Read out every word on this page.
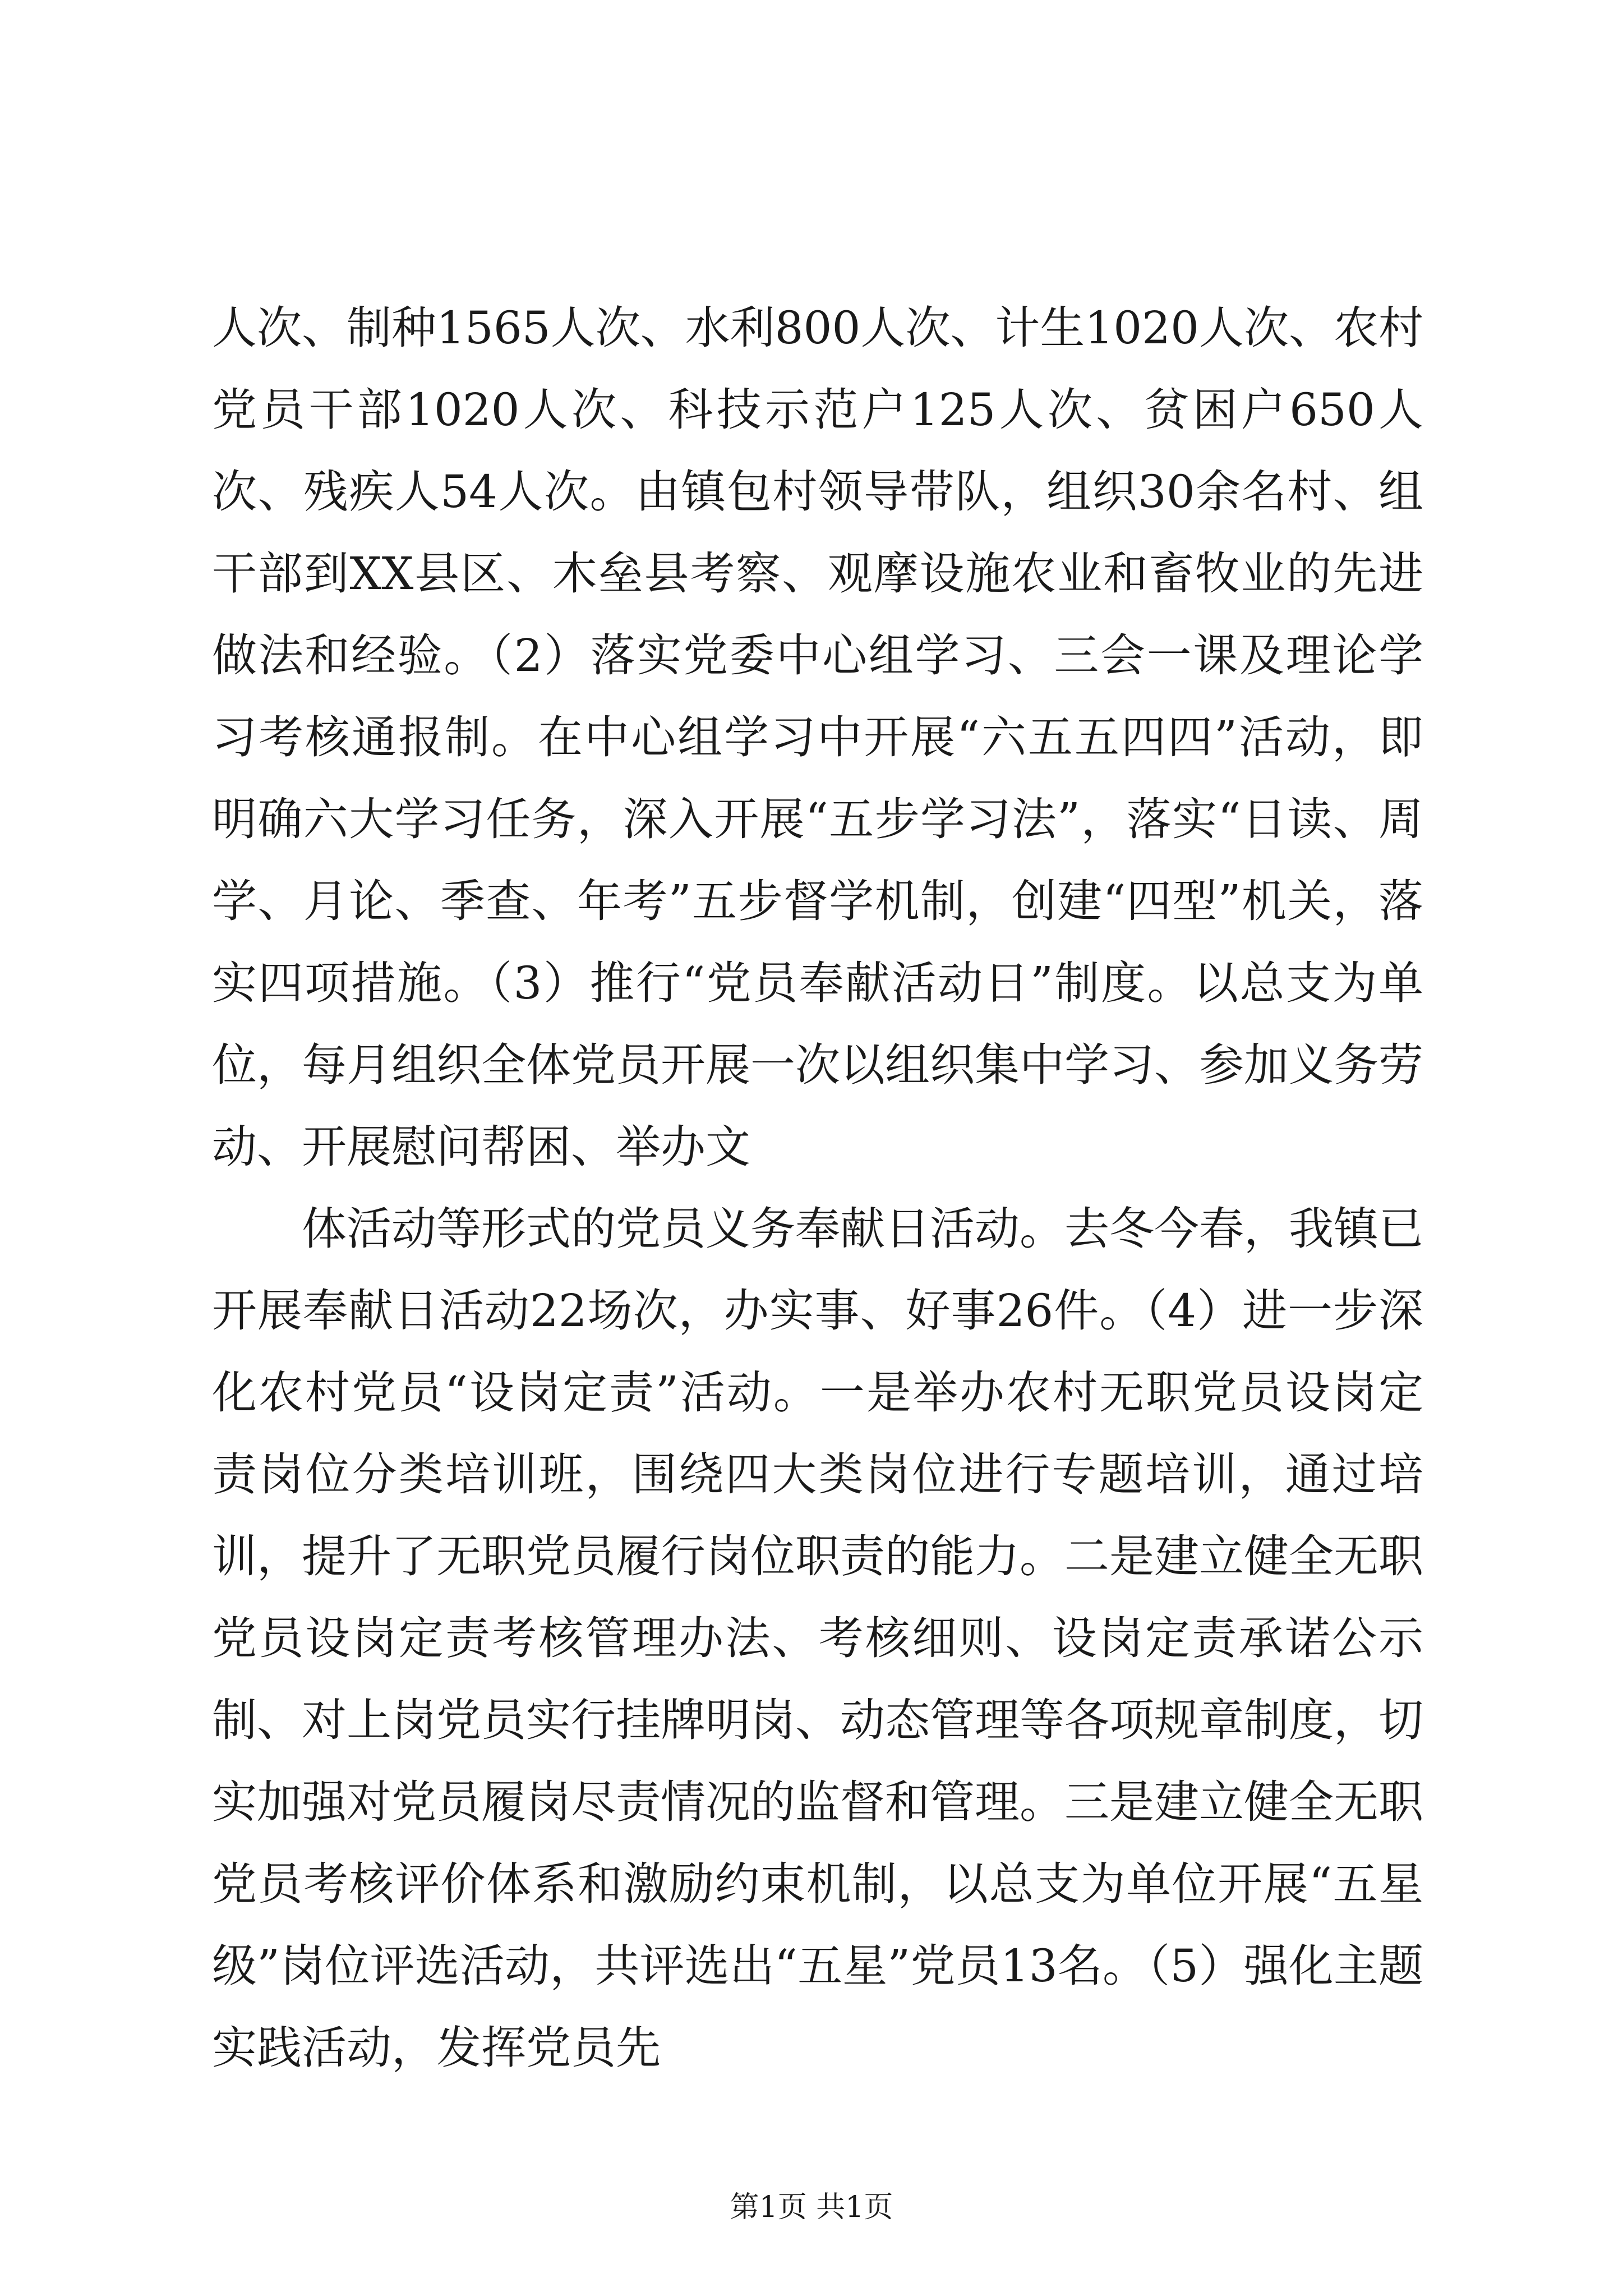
人次、制种1565人次、水利800人次、计生1020人次、农村党员干部1020人次、科技示范户125人次、贫困户650人次、残疾人54人次。由镇包村领导带队，组织30余名村、组干部到XX县区、木垒县考察、观摩设施农业和畜牧业的先进做法和经验。（2）落实党委中心组学习、三会一课及理论学习考核通报制。在中心组学习中开展“六五五四四”活动，即明确六大学习任务，深入开展“五步学习法”，落实“日读、周学、月论、季查、年考”五步督学机制，创建“四型”机关，落实四项措施。（3）推行“党员奉献活动日”制度。以总支为单位，每月组织全体党员开展一次以组织集中学习、参加义务劳动、开展慰问帮困、举办文

体活动等形式的党员义务奉献日活动。去冬今春，我镇已开展奉献日活动22场次，办实事、好事26件。（4）进一步深化农村党员“设岗定责”活动。一是举办农村无职党员设岗定责岗位分类培训班，围绕四大类岗位进行专题培训，通过培训，提升了无职党员履行岗位职责的能力。二是建立健全无职党员设岗定责考核管理办法、考核细则、设岗定责承诺公示制、对上岗党员实行挂牌明岗、动态管理等各项规章制度，切实加强对党员履岗尽责情况的监督和管理。三是建立健全无职党员考核评价体系和激励约束机制，以总支为单位开展“五星级”岗位评选活动，共评选出“五星”党员13名。（5）强化主题实践活动，发挥党员先

第1页 共1页
